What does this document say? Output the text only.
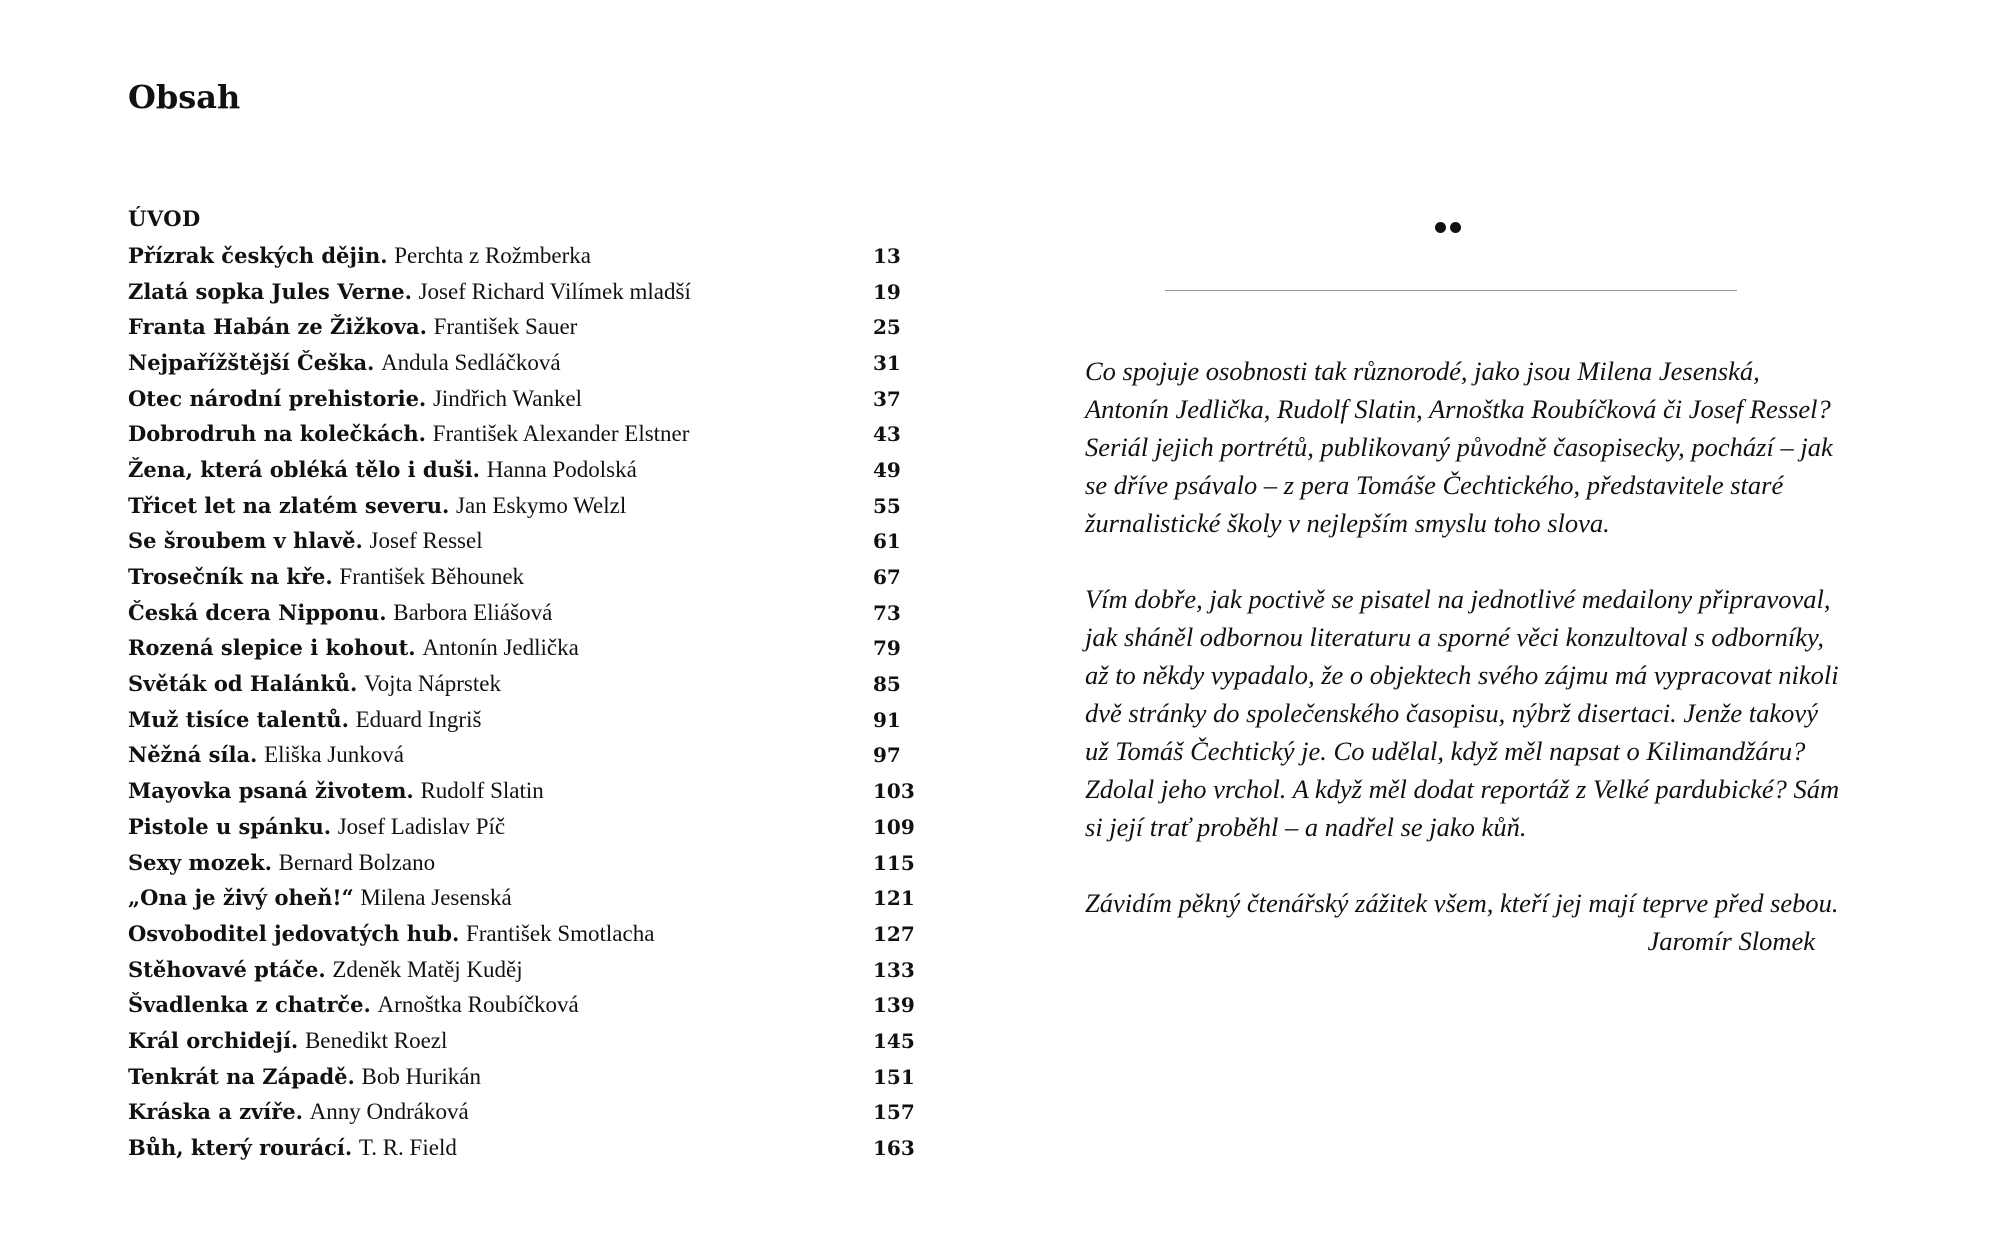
Obsah
ÚVOD
Přízrak českých dějin. Perchta z Rožmberka	13
Zlatá sopka Jules Verne. Josef Richard Vilímek mladší	19
Franta Habán ze Žižkova. František Sauer	25
Nejpařížštější Češka. Andula Sedláčková	31
Otec národní prehistorie. Jindřich Wankel	37
Dobrodruh na kolečkách. František Alexander Elstner	43
Žena, která obléká tělo i duši. Hanna Podolská	49
Třicet let na zlatém severu. Jan Eskymo Welzl	55
Se šroubem v hlavě. Josef Ressel	61
Trosečník na kře. František Běhounek	67
Česká dcera Nipponu. Barbora Eliášová	73
Rozená slepice i kohout. Antonín Jedlička	79
Světák od Halánků. Vojta Náprstek	85
Muž tisíce talentů. Eduard Ingriš	91
Něžná síla. Eliška Junková	97
Mayovka psaná životem. Rudolf Slatin	103
Pistole u spánku. Josef Ladislav Píč	109
Sexy mozek. Bernard Bolzano	115
„Ona je živý oheň!“ Milena Jesenská	121
Osvoboditel jedovatých hub. František Smotlacha	127
Stěhovavé ptáče. Zdeněk Matěj Kuděj	133
Švadlenka z chatrče. Arnoštka Roubíčková	139
Král orchidejí. Benedikt Roezl	145
Tenkrát na Západě. Bob Hurikán	151
Kráska a zvíře. Anny Ondráková	157
Bůh, který rourácí. T. R. Field	163

Co spojuje osobnosti tak různorodé, jako jsou Milena Jesenská, Antonín Jedlička, Rudolf Slatin, Arnoštka Roubíčková či Josef Ressel? Seriál jejich portrétů, publikovaný původně časopisecky, pochází – jak se dříve psávalo – z pera Tomáše Čechtického, představitele staré žurnalistické školy v nejlepším smyslu toho slova.

Vím dobře, jak poctivě se pisatel na jednotlivé medailony připravoval, jak sháněl odbornou literaturu a sporné věci konzultoval s odborníky, až to někdy vypadalo, že o objektech svého zájmu má vypracovat nikoli dvě stránky do společenského časopisu, nýbrž disertaci. Jenže takový už Tomáš Čechtický je. Co udělal, když měl napsat o Kilimandžáru? Zdolal jeho vrchol. A když měl dodat reportáž z Velké pardubické? Sám si její trať proběhl – a nadřel se jako kůň.

Závidím pěkný čtenářský zážitek všem, kteří jej mají teprve před sebou.

Jaromír Slomek
